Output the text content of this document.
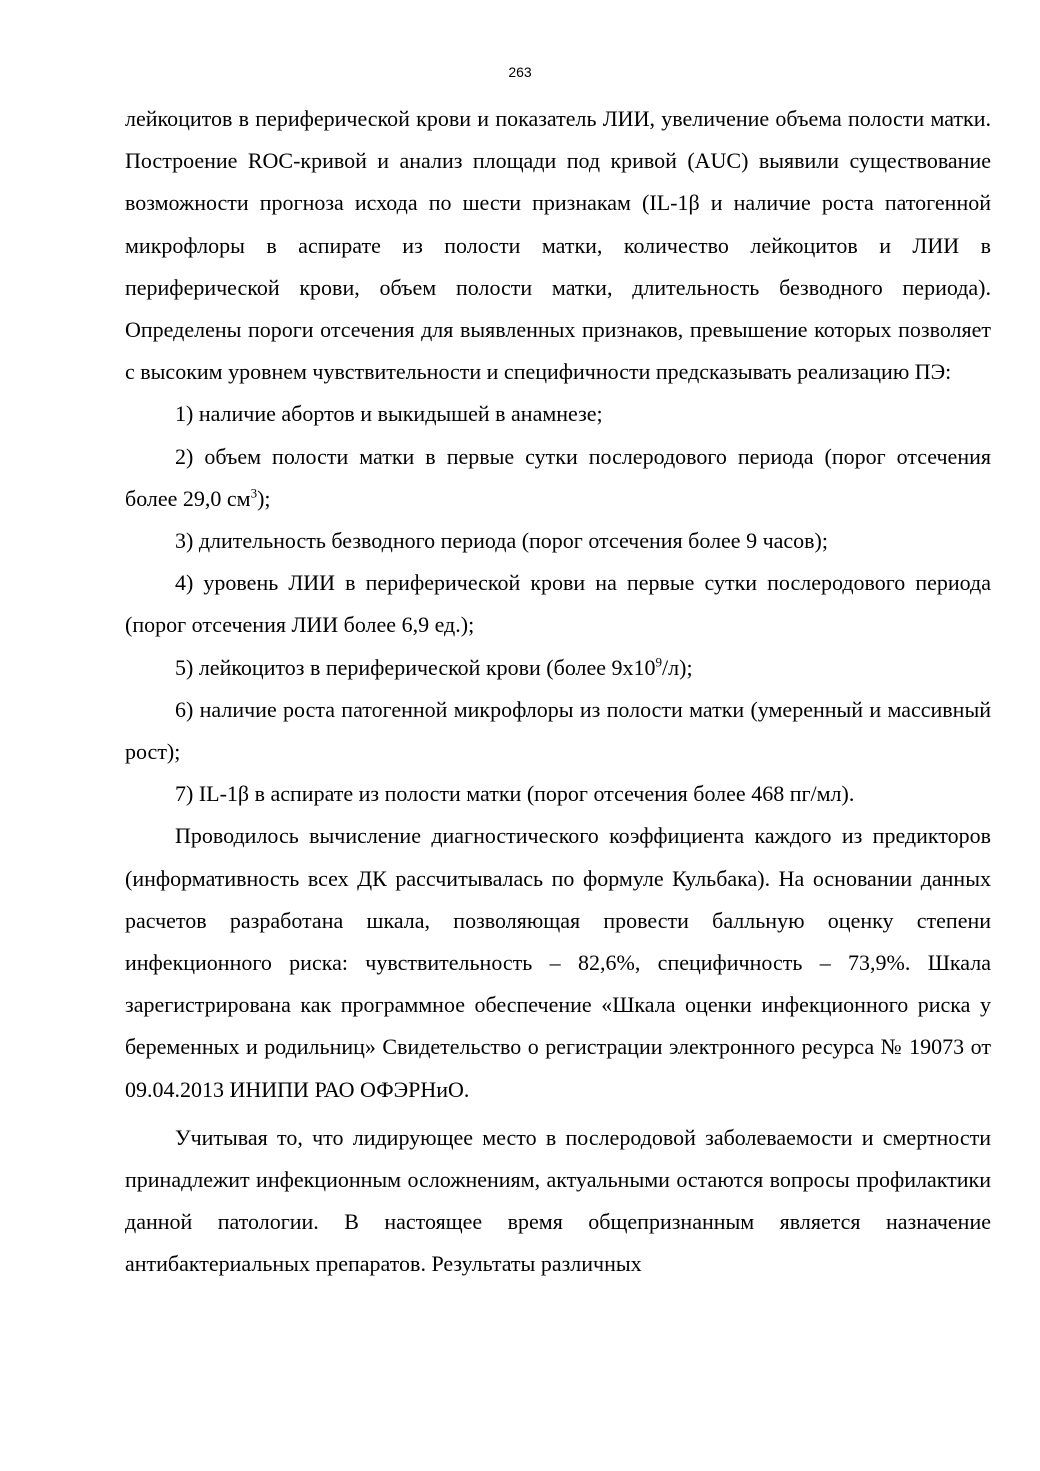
263

лейкоцитов в периферической крови и показатель ЛИИ, увеличение объема полости матки. Построение ROC-кривой и анализ площади под кривой (AUC) выявили существование возможности прогноза исхода по шести признакам (IL-1β и наличие роста патогенной микрофлоры в аспирате из полости матки, количество лейкоцитов и ЛИИ в периферической крови, объем полости матки, длительность безводного периода). Определены пороги отсечения для выявленных признаков, превышение которых позволяет с высоким уровнем чувствительности и специфичности предсказывать реализацию ПЭ:

1) наличие абортов и выкидышей в анамнезе;

2) объем полости матки в первые сутки послеродового периода (порог отсечения более 29,0 $см^3$);

3) длительность безводного периода (порог отсечения более 9 часов);

4) уровень ЛИИ в периферической крови на первые сутки послеродового периода (порог отсечения ЛИИ более 6,9 ед.);

5) лейкоцитоз в периферической крови (более $9х10^9/л$);

6) наличие роста патогенной микрофлоры из полости матки (умеренный и массивный рост);

7) IL-1β в аспирате из полости матки (порог отсечения более 468 пг/мл).

Проводилось вычисление диагностического коэффициента каждого из предикторов (информативность всех ДК рассчитывалась по формуле Кульбака). На основании данных расчетов разработана шкала, позволяющая провести балльную оценку степени инфекционного риска: чувствительность – 82,6%, специфичность – 73,9%. Шкала зарегистрирована как программное обеспечение «Шкала оценки инфекционного риска у беременных и родильниц» Свидетельство о регистрации электронного ресурса № 19073 от 09.04.2013 ИНИПИ РАО ОФЭРНиО.

Учитывая то, что лидирующее место в послеродовой заболеваемости и смертности принадлежит инфекционным осложнениям, актуальными остаются вопросы профилактики данной патологии. В настоящее время общепризнанным является назначение антибактериальных препаратов. Результаты различных
